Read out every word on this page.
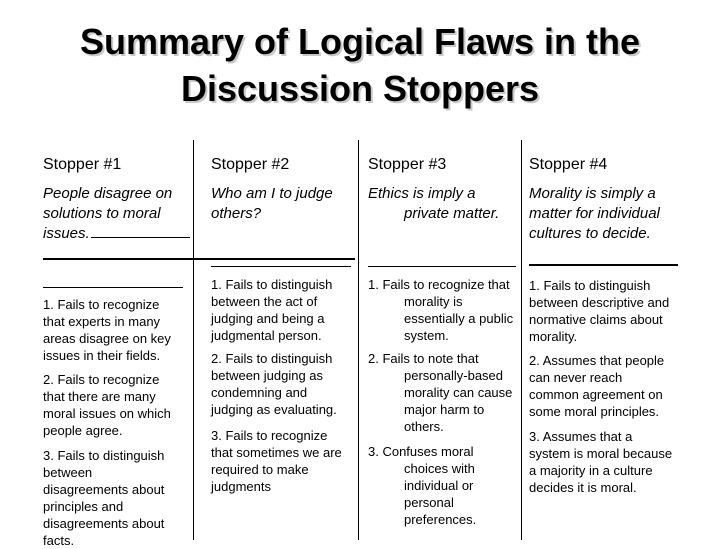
Summary of Logical Flaws in the
Discussion Stoppers
Stopper #1
People disagree on
solutions to moral
issues.
1. Fails to recognize
that experts in many
areas disagree on key
issues in their fields.
2. Fails to recognize
that there are many
moral issues on which
people agree.
3. Fails to distinguish
between
disagreements about
principles and
disagreements about
facts.
Stopper #2
Who am I to judge
others?
1. Fails to distinguish
between the act of
judging and being a
judgmental person.
2. Fails to distinguish
between judging as
condemning and
judging as evaluating.
3. Fails to recognize
that sometimes we are
required to make
judgments
Stopper #3
Ethics is imply a
private matter.
1. Fails to recognize that
morality is
essentially a public
system.
2. Fails to note that
personally-based
morality can cause
major harm to
others.
3. Confuses moral
choices with
individual or
personal
preferences.
Stopper #4
Morality is simply a
matter for individual
cultures to decide.
1. Fails to distinguish
between descriptive and
normative claims about
morality.
2. Assumes that people
can never reach
common agreement on
some moral principles.
3. Assumes that a
system is moral because
a majority in a culture
decides it is moral.
